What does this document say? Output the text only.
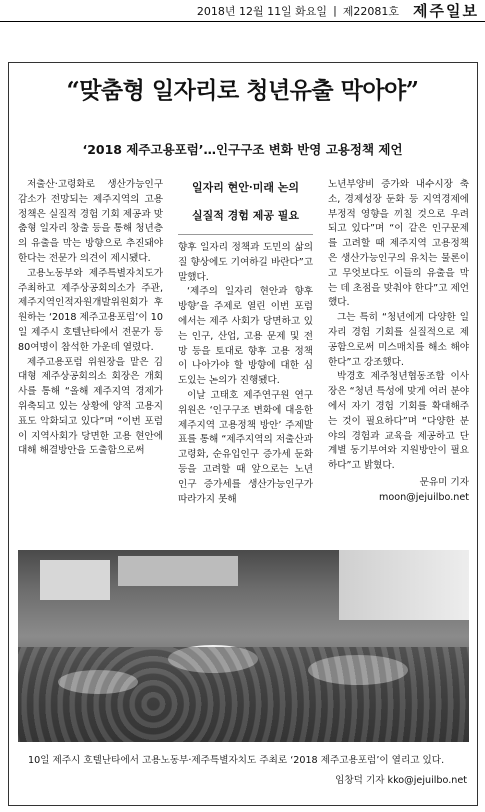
2018년 12월 11일 화요일 | 제22081호 제주일보
“맞춤형 일자리로 청년유출 막아야”
‘2018 제주고용포럼’…인구구조 변화 반영 고용정책 제언

저출산·고령화로 생산가능인구 감소가 전망되는 제주지역의 고용정책은 실질적 경험 기회 제공과 맞춤형 일자리 창출 등을 통해 청년층의 유출을 막는 방향으로 추진돼야 한다는 전문가 의견이 제시됐다.

고용노동부와 제주특별자치도가 주최하고 제주상공회의소가 주관, 제주지역인적자원개발위원회가 후원하는 ‘2018 제주고용포럼’이 10일 제주시 호텔난타에서 전문가 등 80여명이 참석한 가운데 열렸다.

제주고용포럼 위원장을 맡은 김대형 제주상공회의소 회장은 개회사를 통해 “올해 제주지역 경제가 위축되고 있는 상황에 양적 고용지표도 악화되고 있다”며 “이번 포럼이 지역사회가 당면한 고용 현안에 대해 해결방안을 도출함으로써

일자리 현안·미래 논의
실질적 경험 제공 필요

향후 일자리 정책과 도민의 삶의 질 향상에도 기여하길 바란다”고 말했다.

‘제주의 일자리 현안과 향후 방향’을 주제로 열린 이번 포럼에서는 제주 사회가 당면하고 있는 인구, 산업, 고용 문제 및 전망 등을 토대로 향후 고용 정책이 나아가야 할 방향에 대한 심도있는 논의가 진행됐다.

이날 고태호 제주연구원 연구위원은 ‘인구구조 변화에 대응한 제주지역 고용정책 방안’ 주제발표를 통해 “제주지역의 저출산과 고령화, 순유입인구 증가세 둔화 등을 고려할 때 앞으로는 노년 인구 증가세를 생산가능인구가 따라가지 못해

노년부양비 증가와 내수시장 축소, 경제성장 둔화 등 지역경제에 부정적 영향을 끼칠 것으로 우려되고 있다”며 “이 같은 인구문제를 고려할 때 제주지역 고용정책은 생산가능인구의 유치는 물론이고 무엇보다도 이들의 유출을 막는 데 초점을 맞춰야 한다”고 제언했다.

그는 특히 “청년에게 다양한 일자리 경험 기회를 실질적으로 제공함으로써 미스매치를 해소 해야 한다”고 강조했다.

박경호 제주청년협동조합 이사장은 “청년 특성에 맞게 여러 분야에서 자기 경험 기회를 확대해주는 것이 필요하다”며 “다양한 분야의 경험과 교육을 제공하고 단계별 동기부여와 지원방안이 필요하다”고 밝혔다.

문유미 기자
moon@jejuilbo.net
10일 제주시 호텔난타에서 고용노동부·제주특별자치도 주최로 ‘2018 제주고용포럼’이 열리고 있다.
임창덕 기자 kko@jejuilbo.net
